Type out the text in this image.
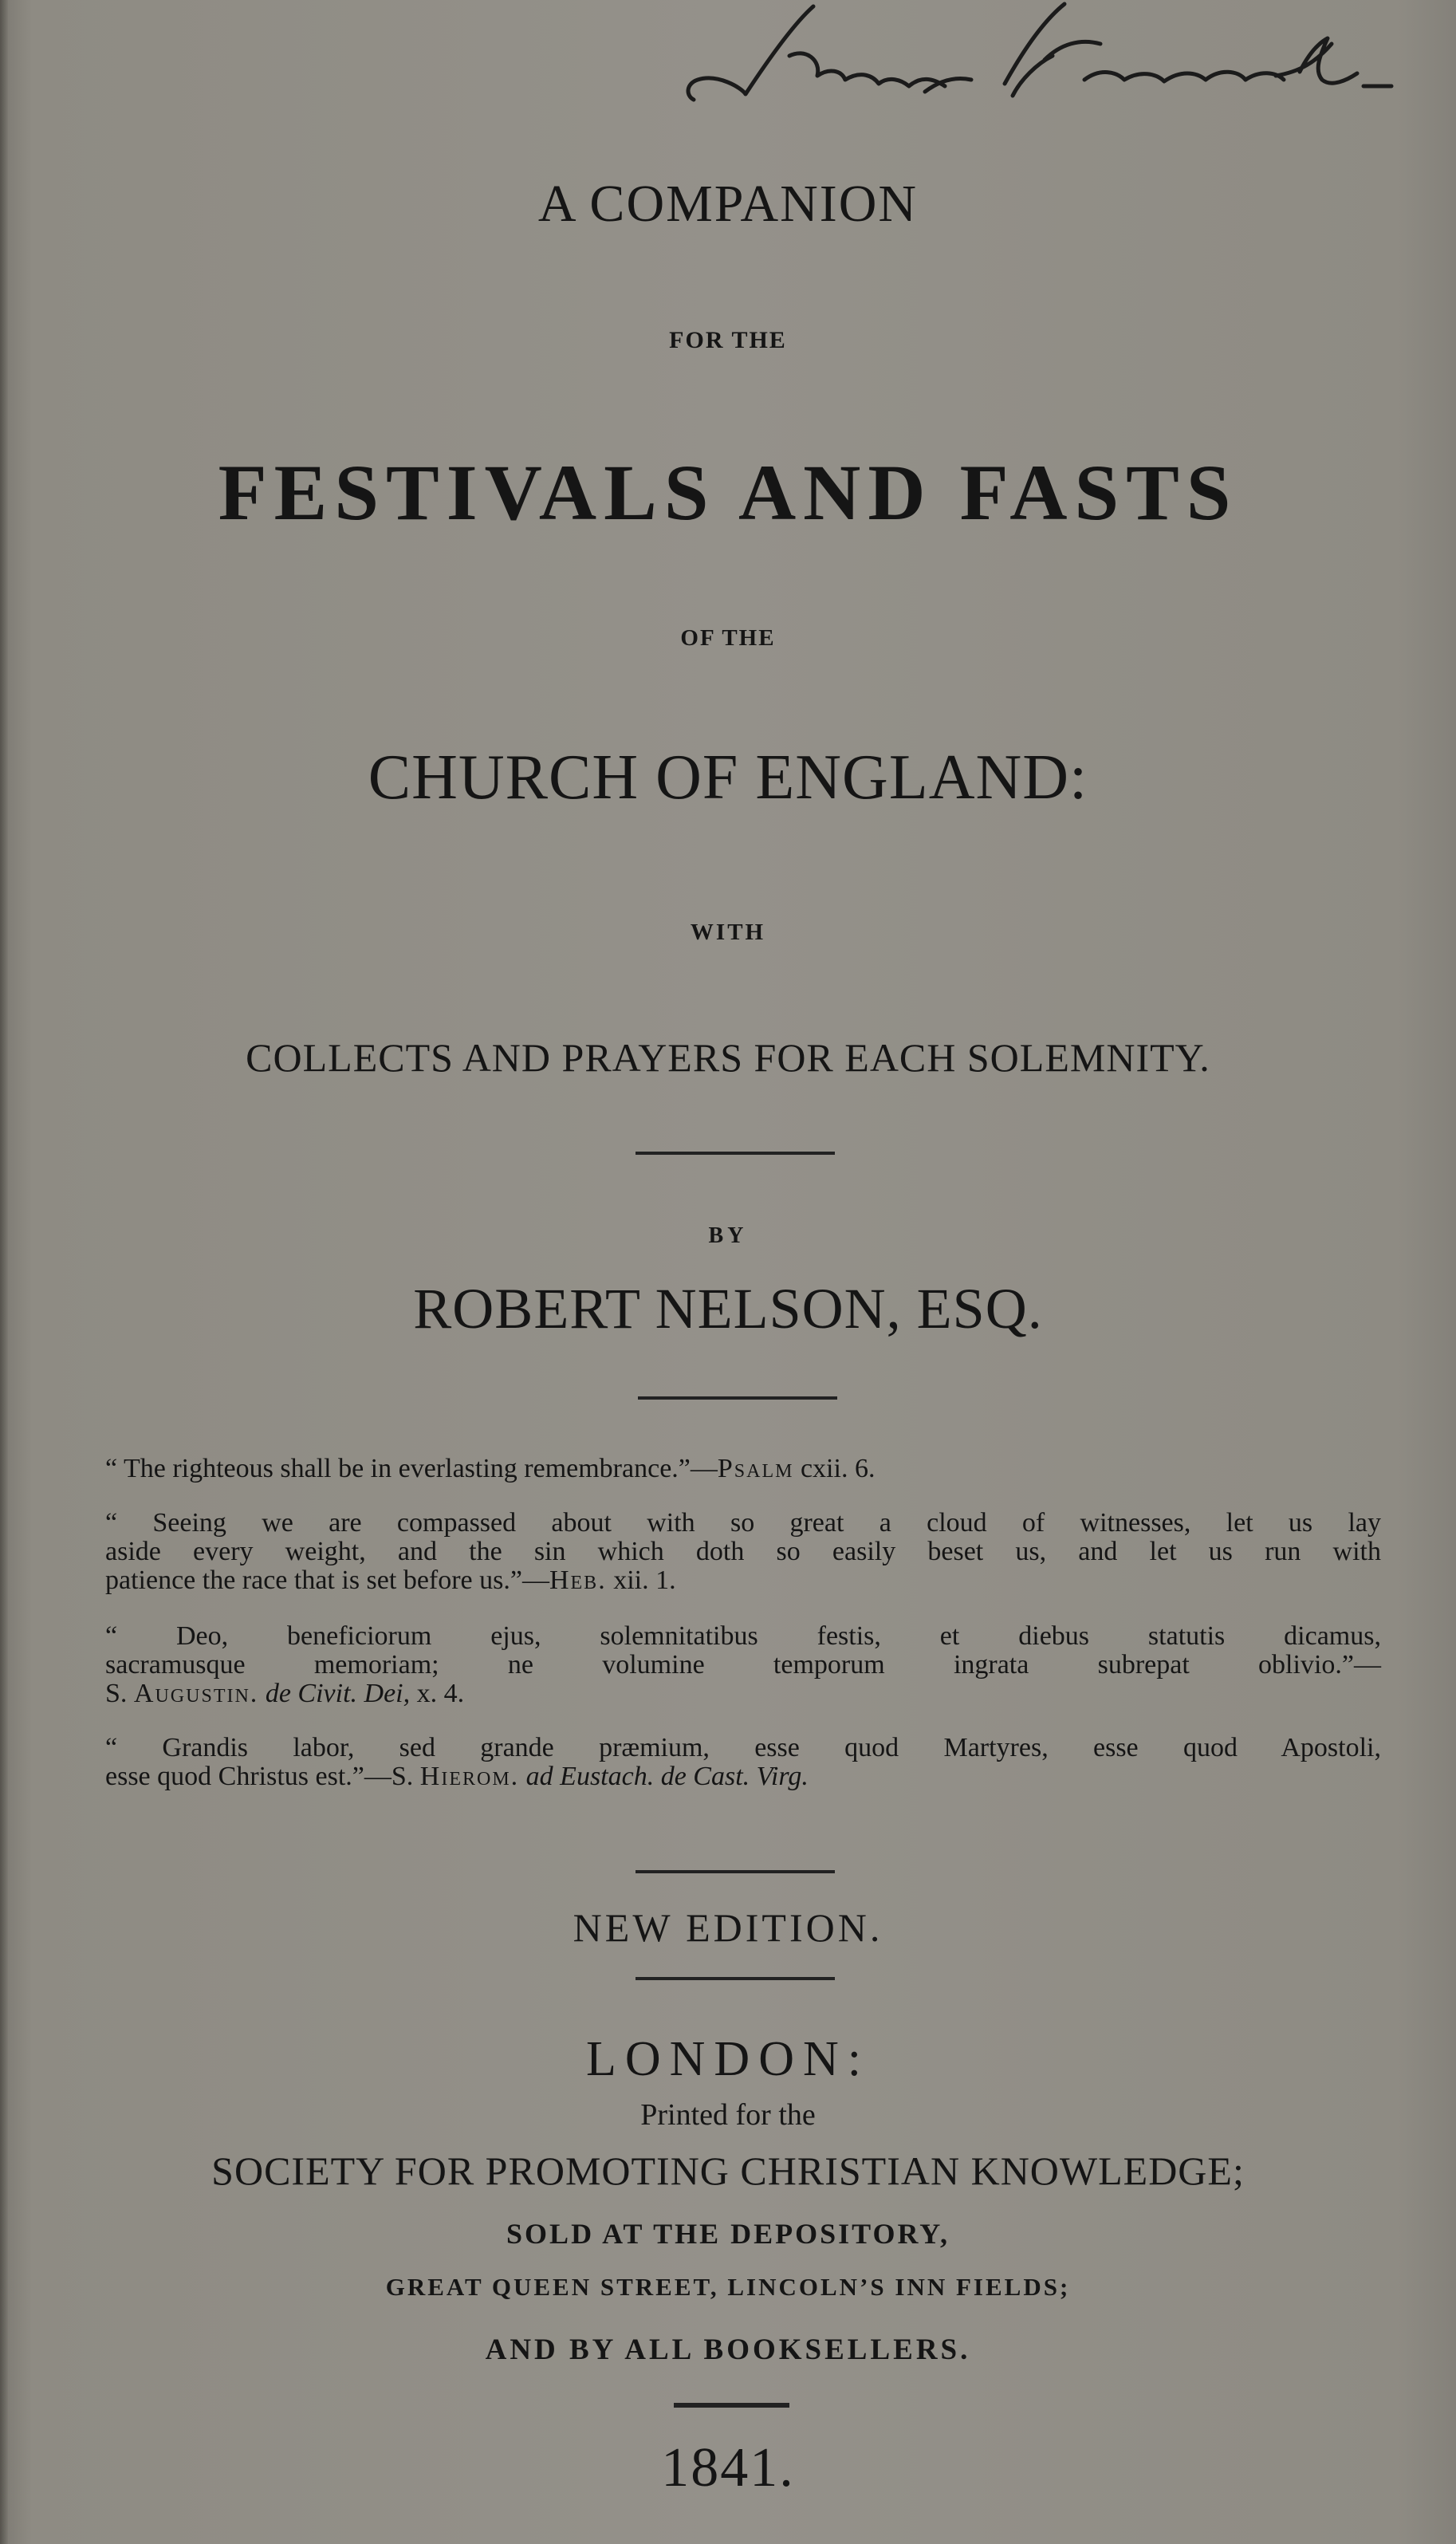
A COMPANION
FOR THE
FESTIVALS AND FASTS
OF THE
CHURCH OF ENGLAND:
WITH
COLLECTS AND PRAYERS FOR EACH SOLEMNITY.
BY
ROBERT NELSON, ESQ.
“ The righteous shall be in everlasting remembrance.”—Psalm cxii. 6.
“ Seeing we are compassed about with so great a cloud of witnesses, let us lay
aside every weight, and the sin which doth so easily beset us, and let us run with
patience the race that is set before us.”—Heb. xii. 1.
“ Deo, beneficiorum ejus, solemnitatibus festis, et diebus statutis dicamus,
sacramusque memoriam; ne volumine temporum ingrata subrepat oblivio.”—
S. Augustin. de Civit. Dei, x. 4.
“ Grandis labor, sed grande præmium, esse quod Martyres, esse quod Apostoli,
esse quod Christus est.”—S. Hierom. ad Eustach. de Cast. Virg.
NEW EDITION.
LONDON:
Printed for the
SOCIETY FOR PROMOTING CHRISTIAN KNOWLEDGE;
SOLD AT THE DEPOSITORY,
GREAT QUEEN STREET, LINCOLN’S INN FIELDS;
AND BY ALL BOOKSELLERS.
1841.
